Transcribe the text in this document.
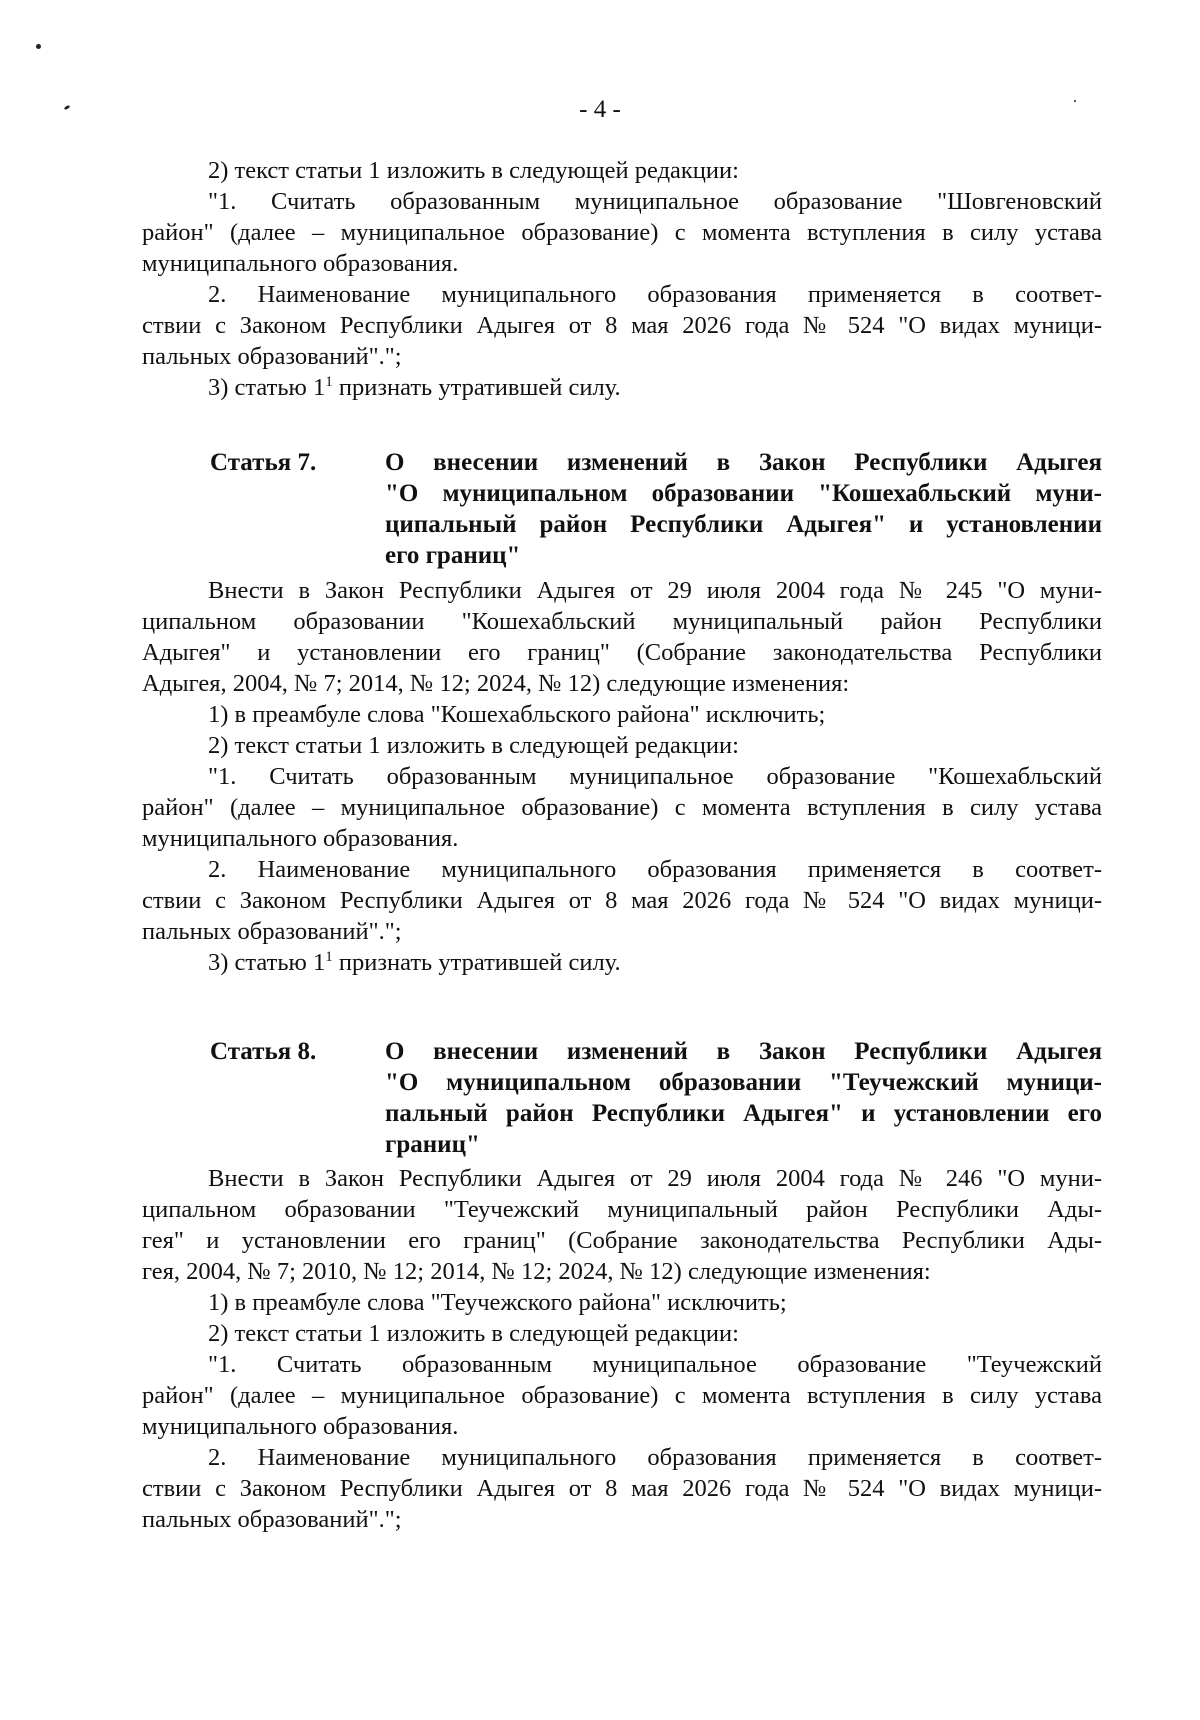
- 4 -
2) текст статьи 1 изложить в следующей редакции:
"1. Считать образованным муниципальное образование "Шовгеновский
район" (далее – муниципальное образование) с момента вступления в силу устава
муниципального образования.
2. Наименование муниципального образования применяется в соответ-
ствии с Законом Республики Адыгея от 8 мая 2026 года № 524 "О видах муници-
пальных образований".";
3) статью $1^1$ признать утратившей силу.
Статья 7.	О внесении изменений в Закон Республики Адыгея
"О муниципальном образовании "Кошехабльский муни-
ципальный район Республики Адыгея" и установлении
его границ"
Внести в Закон Республики Адыгея от 29 июля 2004 года № 245 "О муни-
ципальном образовании "Кошехабльский муниципальный район Республики
Адыгея" и установлении его границ" (Собрание законодательства Республики
Адыгея, 2004, № 7; 2014, № 12; 2024, № 12) следующие изменения:
1) в преамбуле слова "Кошехабльского района" исключить;
2) текст статьи 1 изложить в следующей редакции:
"1. Считать образованным муниципальное образование "Кошехабльский
район" (далее – муниципальное образование) с момента вступления в силу устава
муниципального образования.
2. Наименование муниципального образования применяется в соответ-
ствии с Законом Республики Адыгея от 8 мая 2026 года № 524 "О видах муници-
пальных образований".";
3) статью $1^1$ признать утратившей силу.
Статья 8.	О внесении изменений в Закон Республики Адыгея
"О муниципальном образовании "Теучежский муници-
пальный район Республики Адыгея" и установлении его
границ"
Внести в Закон Республики Адыгея от 29 июля 2004 года № 246 "О муни-
ципальном образовании "Теучежский муниципальный район Республики Ады-
гея" и установлении его границ" (Собрание законодательства Республики Ады-
гея, 2004, № 7; 2010, № 12; 2014, № 12; 2024, № 12) следующие изменения:
1) в преамбуле слова "Теучежского района" исключить;
2) текст статьи 1 изложить в следующей редакции:
"1. Считать образованным муниципальное образование "Теучежский
район" (далее – муниципальное образование) с момента вступления в силу устава
муниципального образования.
2. Наименование муниципального образования применяется в соответ-
ствии с Законом Республики Адыгея от 8 мая 2026 года № 524 "О видах муници-
пальных образований".";
